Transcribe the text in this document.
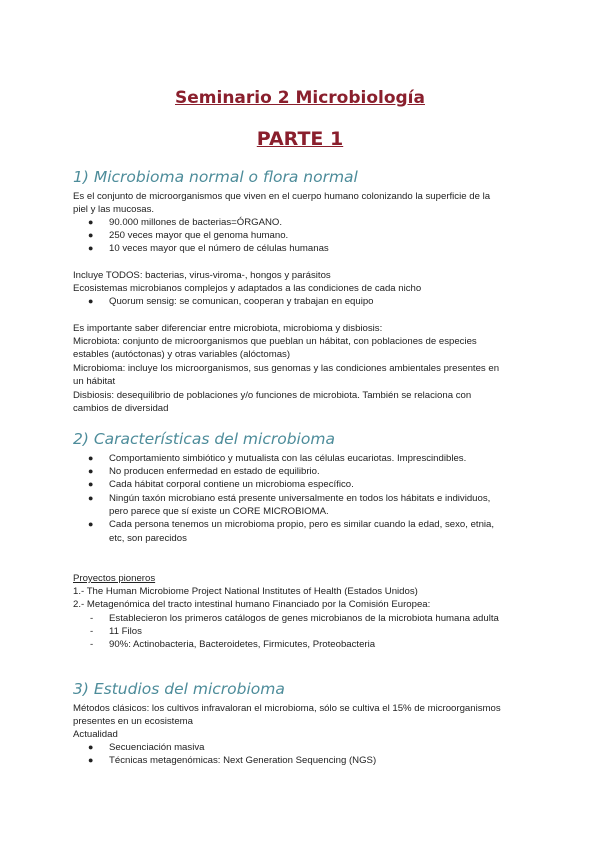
Seminario 2 Microbiología
PARTE 1
1) Microbioma normal o flora normal
Es el conjunto de microorganismos que viven en el cuerpo humano colonizando la superficie de la
piel y las mucosas.
● 90.000 millones de bacterias=ÓRGANO.
● 250 veces mayor que el genoma humano.
● 10 veces mayor que el número de células humanas
Incluye TODOS: bacterias, virus-viroma-, hongos y parásitos
Ecosistemas microbianos complejos y adaptados a las condiciones de cada nicho
● Quorum sensig: se comunican, cooperan y trabajan en equipo
Es importante saber diferenciar entre microbiota, microbioma y disbiosis:
Microbiota: conjunto de microorganismos que pueblan un hábitat, con poblaciones de especies
estables (autóctonas) y otras variables (alóctomas)
Microbioma: incluye los microorganismos, sus genomas y las condiciones ambientales presentes en
un hábitat
Disbiosis: desequilibrio de poblaciones y/o funciones de microbiota. También se relaciona con
cambios de diversidad
2) Características del microbioma
● Comportamiento simbiótico y mutualista con las células eucariotas. Imprescindibles.
● No producen enfermedad en estado de equilibrio.
● Cada hábitat corporal contiene un microbioma específico.
● Ningún taxón microbiano está presente universalmente en todos los hábitats e individuos,
pero parece que sí existe un CORE MICROBIOMA.
● Cada persona tenemos un microbioma propio, pero es similar cuando la edad, sexo, etnia,
etc, son parecidos
Proyectos pioneros
1.- The Human Microbiome Project National Institutes of Health (Estados Unidos)
2.- Metagenómica del tracto intestinal humano Financiado por la Comisión Europea:
- Establecieron los primeros catálogos de genes microbianos de la microbiota humana adulta
- 11 Filos
- 90%: Actinobacteria, Bacteroidetes, Firmicutes, Proteobacteria
3) Estudios del microbioma
Métodos clásicos: los cultivos infravaloran el microbioma, sólo se cultiva el 15% de microorganismos
presentes en un ecosistema
Actualidad
● Secuenciación masiva
● Técnicas metagenómicas: Next Generation Sequencing (NGS)
